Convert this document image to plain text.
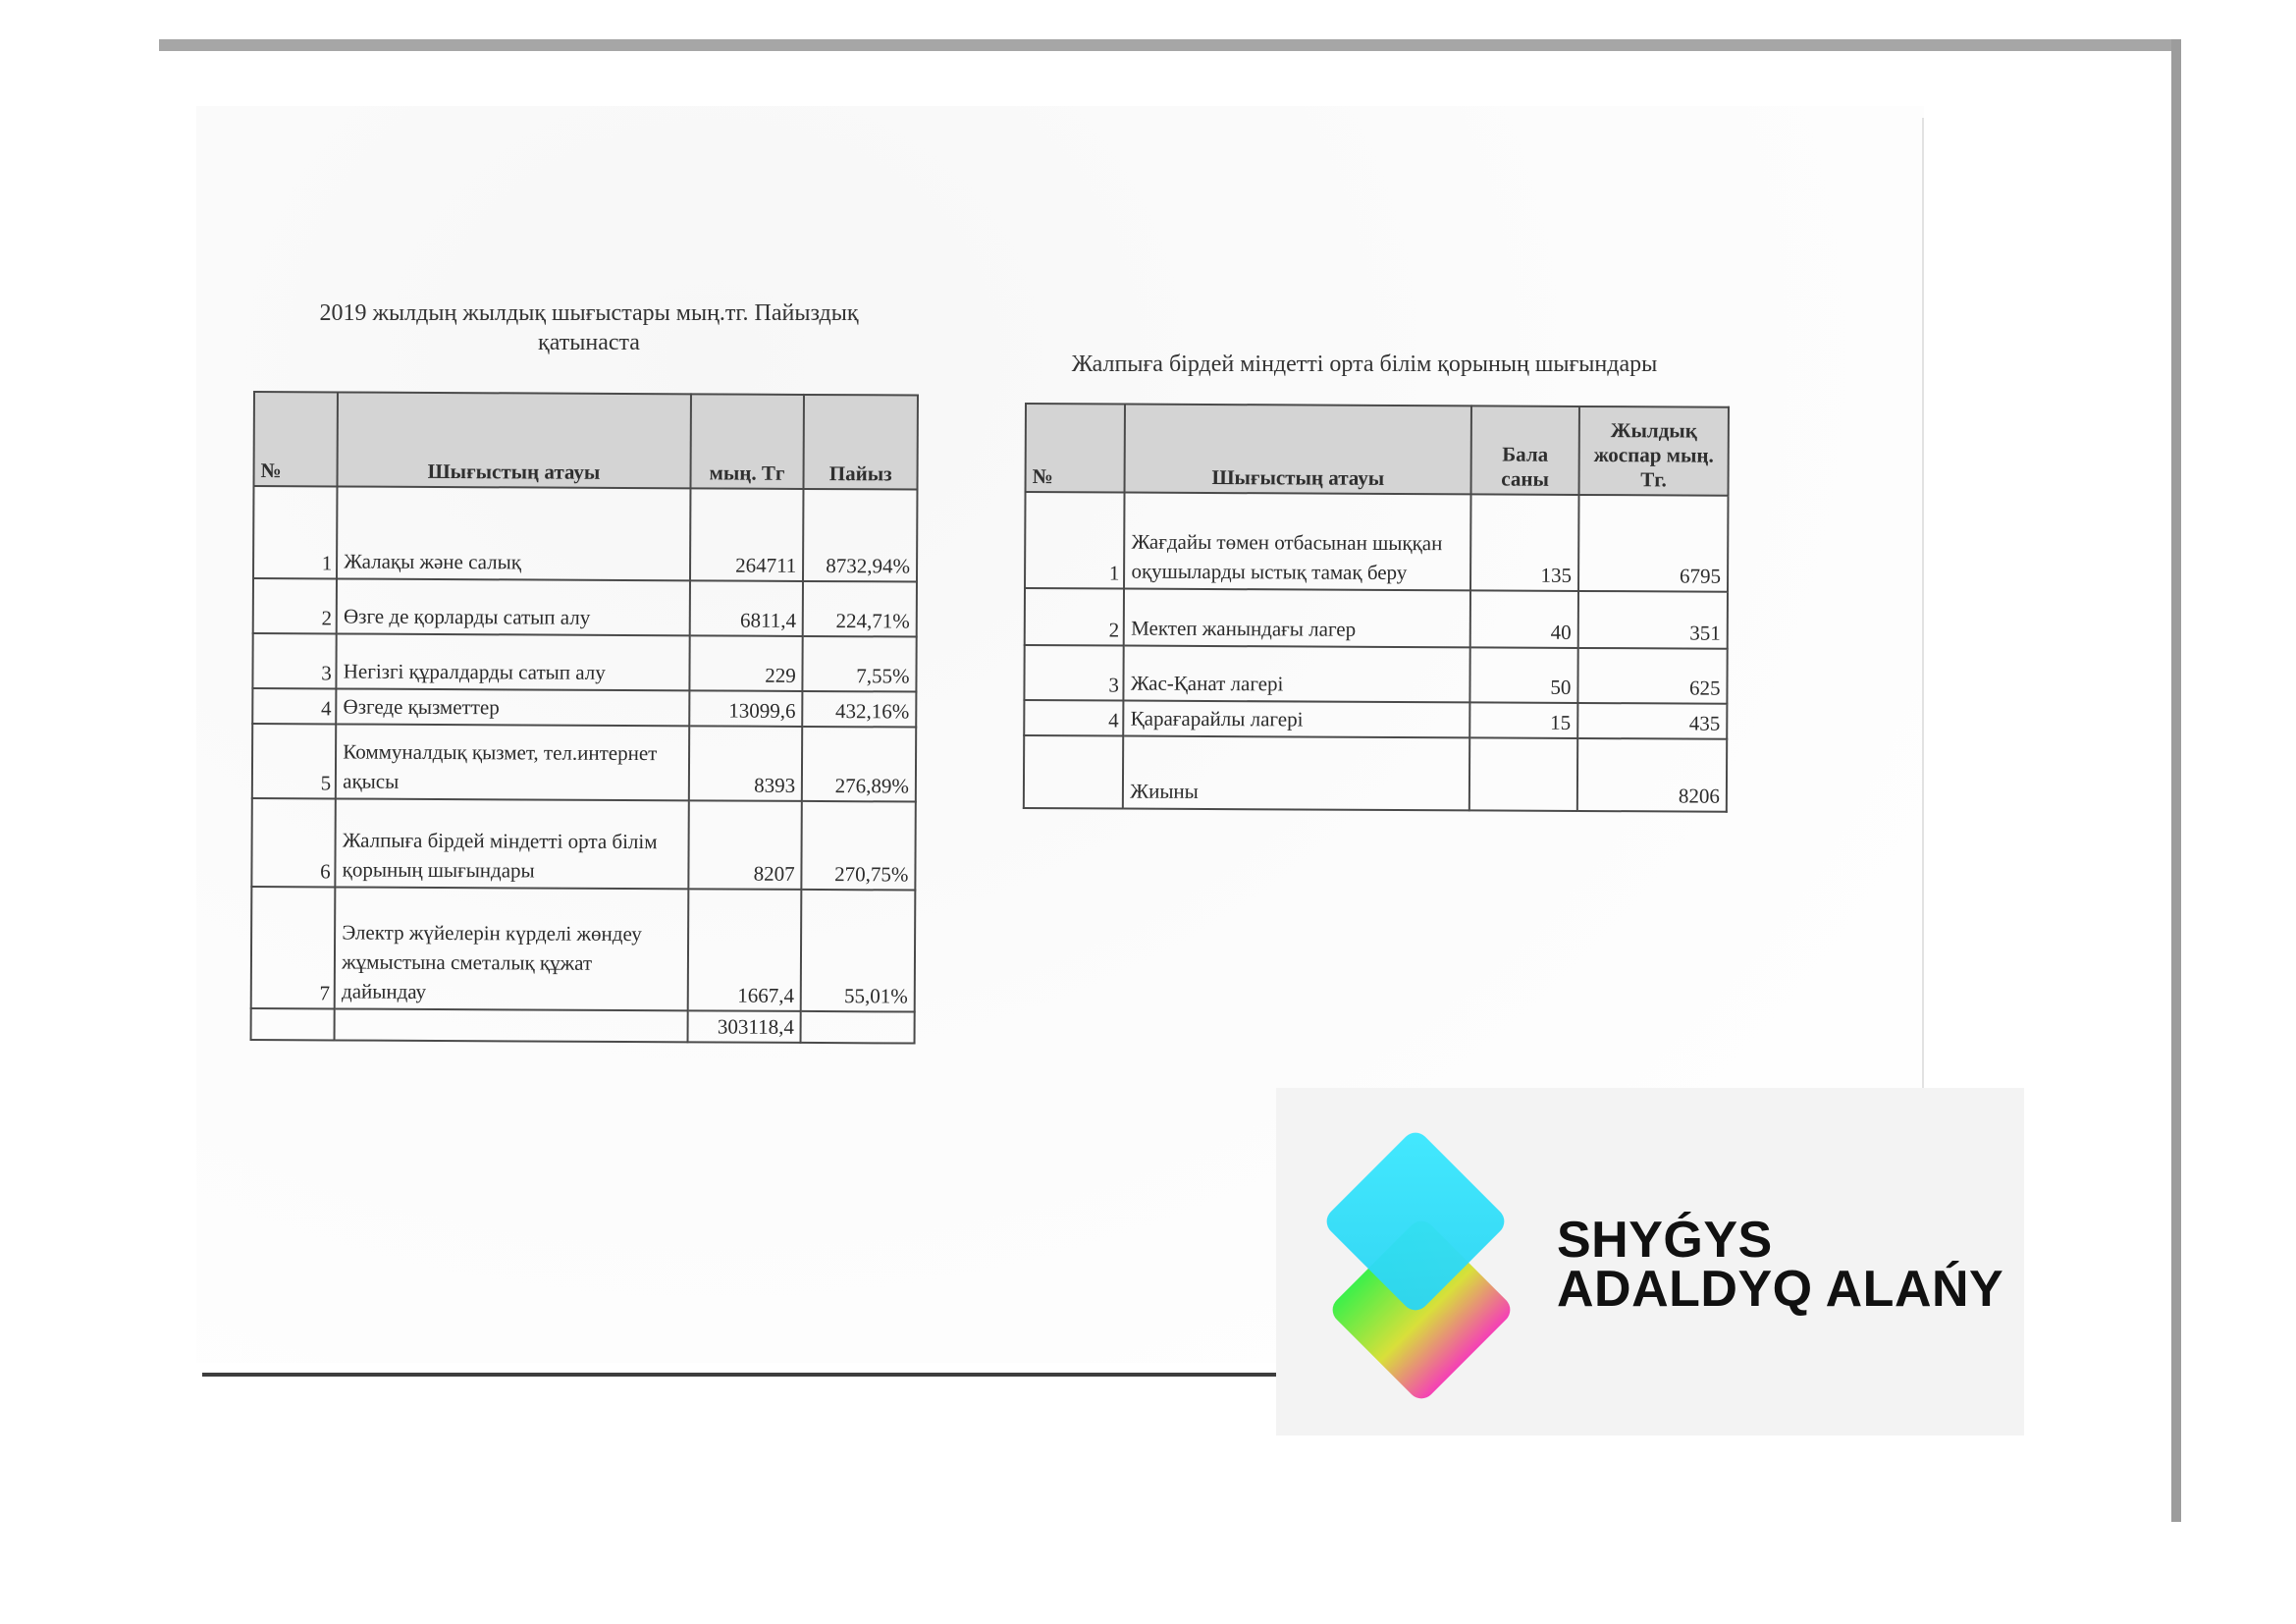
2019 жылдың жылдық шығыстары мың.тг. Пайыздық қатынаста
Жалпыға бірдей міндетті орта білім қорының шығындары
№	Шығыстың атауы	мың. Тг	Пайыз
1	Жалақы және салық	264711	8732,94%
2	Өзге де қорларды сатып алу	6811,4	224,71%
3	Негізгі құралдарды сатып алу	229	7,55%
4	Өзгеде қызметтер	13099,6	432,16%
5	Коммуналдық қызмет, тел.интернет ақысы	8393	276,89%
6	Жалпыға бірдей міндетті орта білім қорының шығындары	8207	270,75%
7	Электр жүйелерін күрделі жөндеу жұмыстына сметалық құжат дайындау	1667,4	55,01%
		303118,4	
№	Шығыстың атауы	Бала саны	Жылдық жоспар мың. Тг.
1	Жағдайы төмен отбасынан шыққан оқушыларды ыстық тамақ беру	135	6795
2	Мектеп жанындағы лагер	40	351
3	Жас-Қанат лагері	50	625
4	Қарағарайлы лагері	15	435
	Жиыны		8206
SHYǴYS
ADALDYQ ALAŃY
